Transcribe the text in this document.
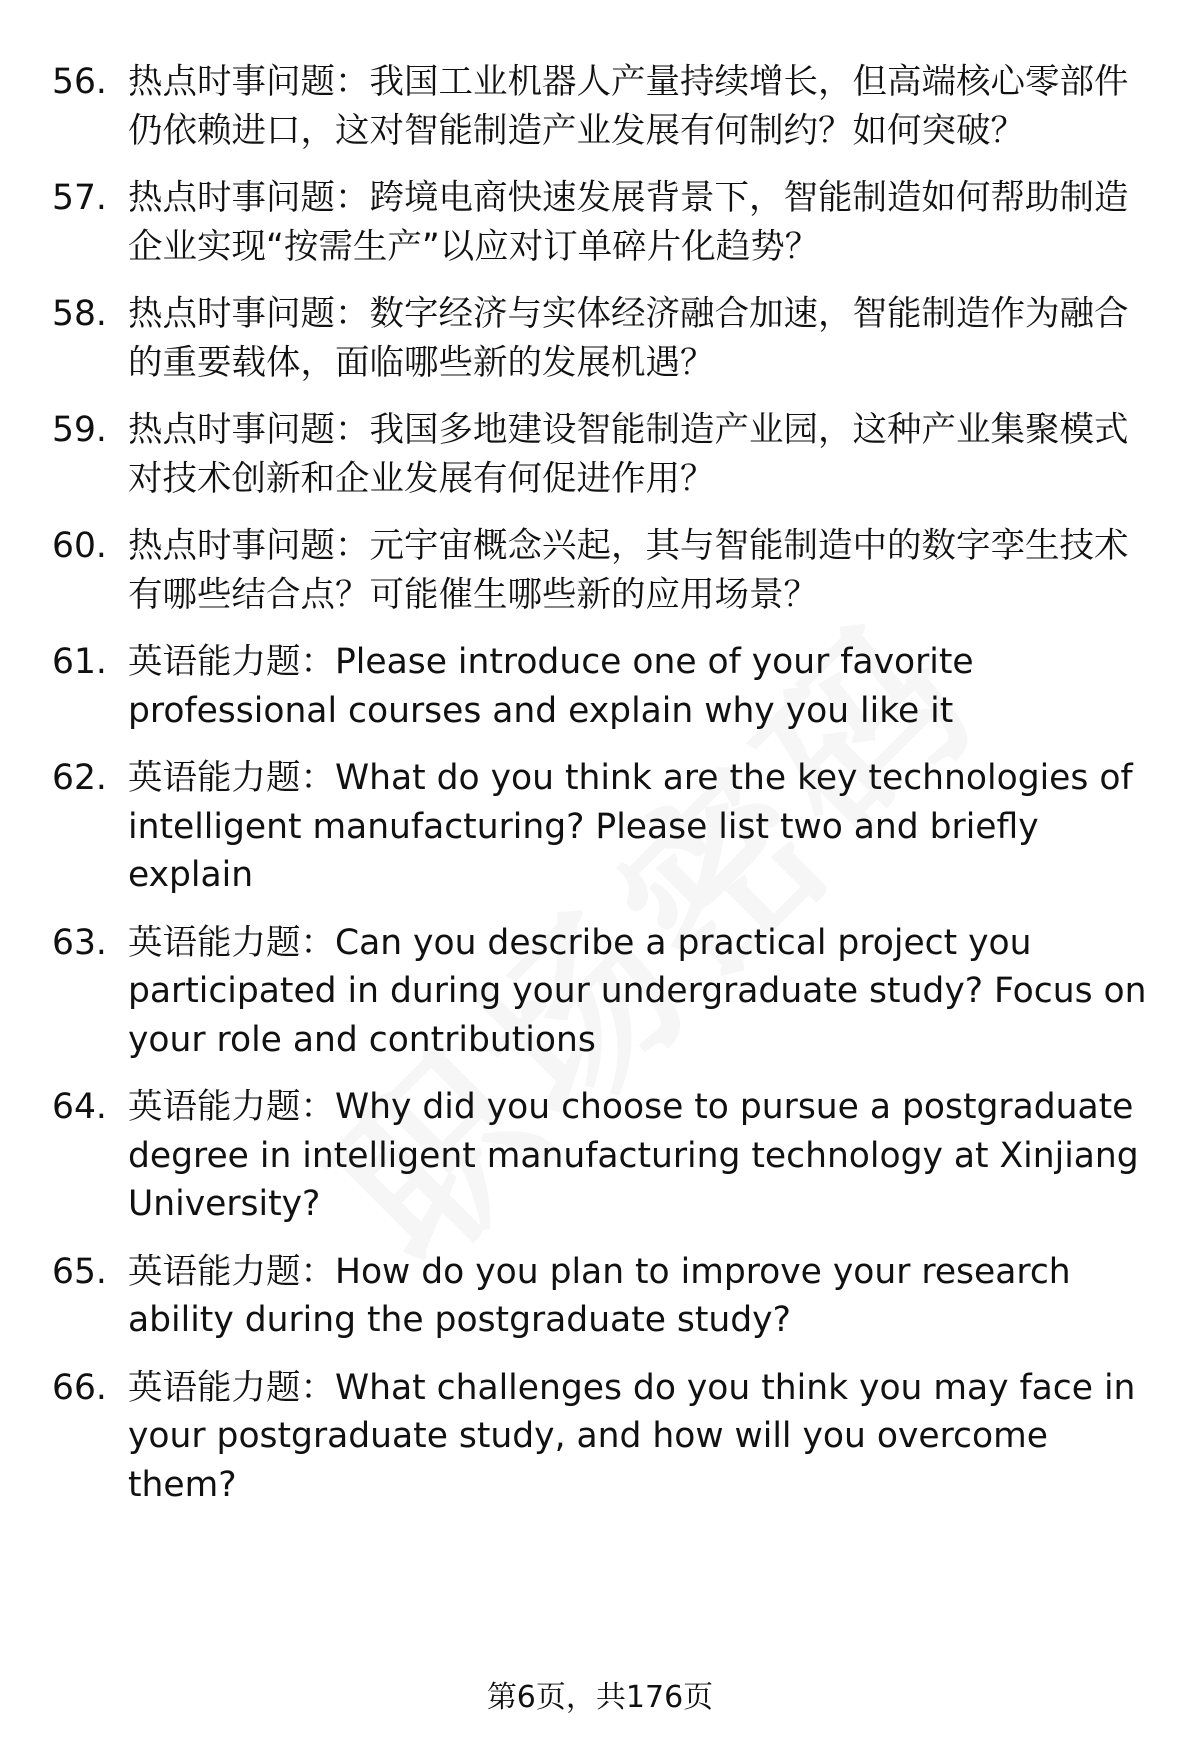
56. 热点时事问题：我国工业机器人产量持续增长，但高端核心零部件仍依赖进口，这对智能制造产业发展有何制约？如何突破？
57. 热点时事问题：跨境电商快速发展背景下，智能制造如何帮助制造企业实现“按需生产”以应对订单碎片化趋势？
58. 热点时事问题：数字经济与实体经济融合加速，智能制造作为融合的重要载体，面临哪些新的发展机遇？
59. 热点时事问题：我国多地建设智能制造产业园，这种产业集聚模式对技术创新和企业发展有何促进作用？
60. 热点时事问题：元宇宙概念兴起，其与智能制造中的数字孪生技术有哪些结合点？可能催生哪些新的应用场景？
61. 英语能力题：Please introduce one of your favorite professional courses and explain why you like it
62. 英语能力题：What do you think are the key technologies of intelligent manufacturing? Please list two and briefly explain
63. 英语能力题：Can you describe a practical project you participated in during your undergraduate study? Focus on your role and contributions
64. 英语能力题：Why did you choose to pursue a postgraduate degree in intelligent manufacturing technology at Xinjiang University?
65. 英语能力题：How do you plan to improve your research ability during the postgraduate study?
66. 英语能力题：What challenges do you think you may face in your postgraduate study, and how will you overcome them?
第6页，共176页
